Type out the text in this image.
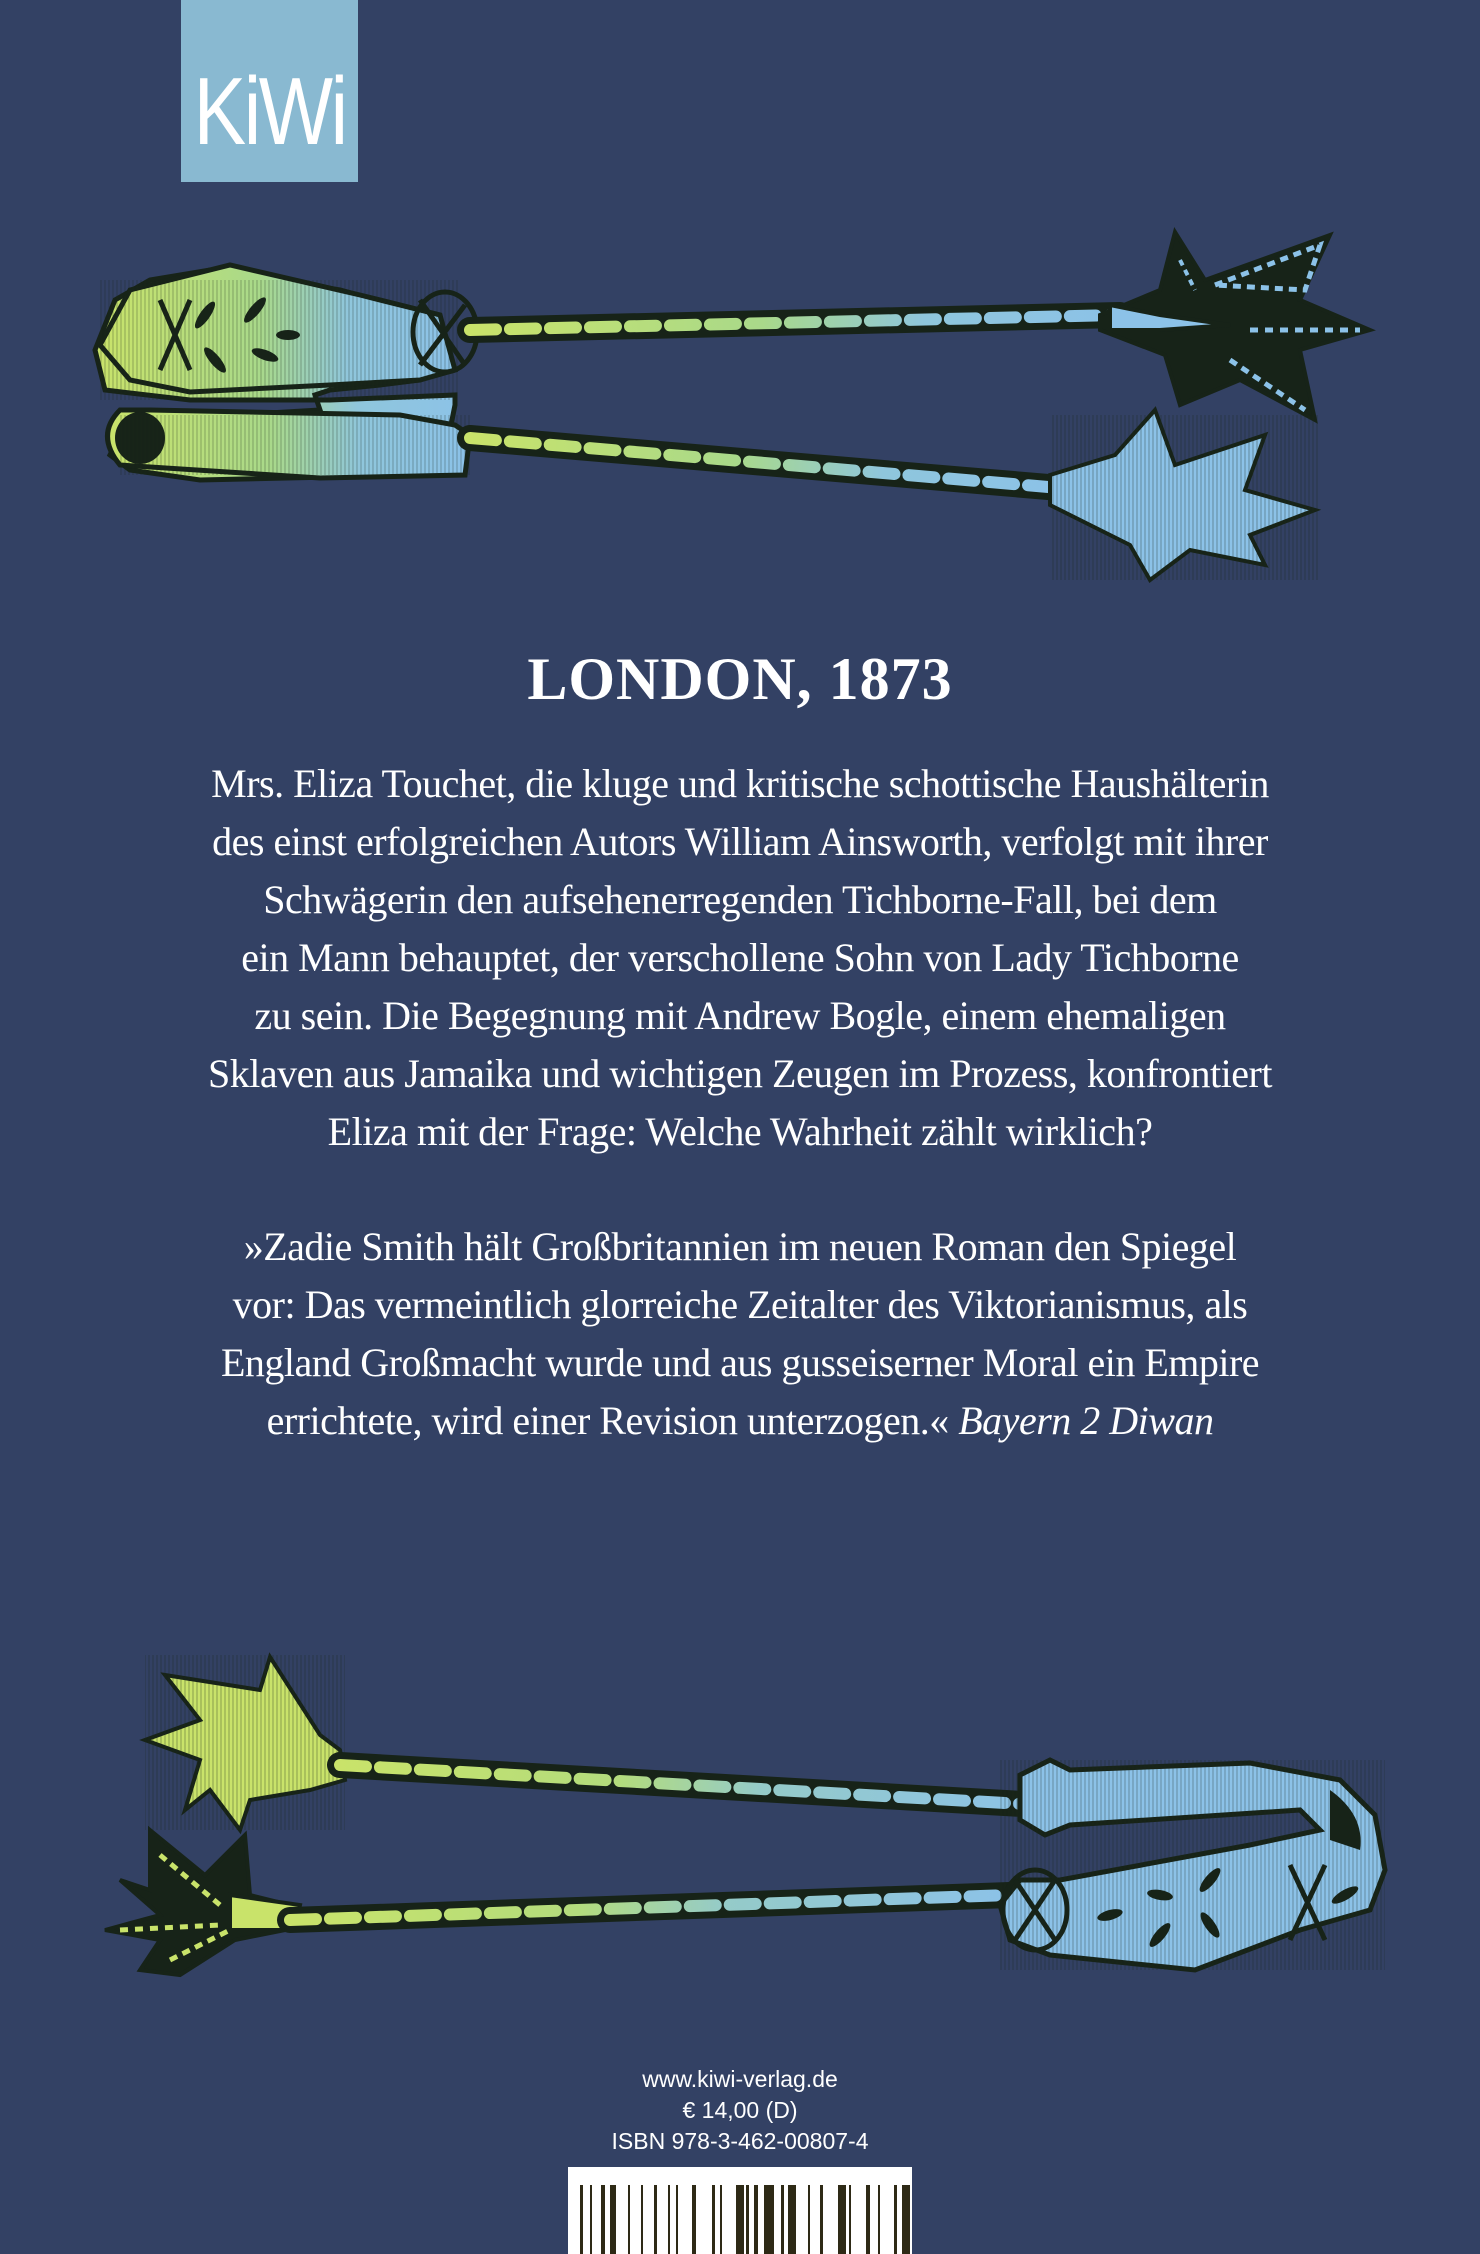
KiWi
LONDON, 1873
Mrs. Eliza Touchet, die kluge und kritische schottische Haushälterin
des einst erfolgreichen Autors William Ainsworth, verfolgt mit ihrer
Schwägerin den aufsehenerregenden Tichborne-Fall, bei dem
ein Mann behauptet, der verschollene Sohn von Lady Tichborne
zu sein. Die Begegnung mit Andrew Bogle, einem ehemaligen
Sklaven aus Jamaika und wichtigen Zeugen im Prozess, konfrontiert
Eliza mit der Frage: Welche Wahrheit zählt wirklich?
»Zadie Smith hält Großbritannien im neuen Roman den Spiegel
vor: Das vermeintlich glorreiche Zeitalter des Viktorianismus, als
England Großmacht wurde und aus gusseiserner Moral ein Empire
errichtete, wird einer Revision unterzogen.« Bayern 2 Diwan
www.kiwi-verlag.de
€ 14,00 (D)
ISBN 978-3-462-00807-4
